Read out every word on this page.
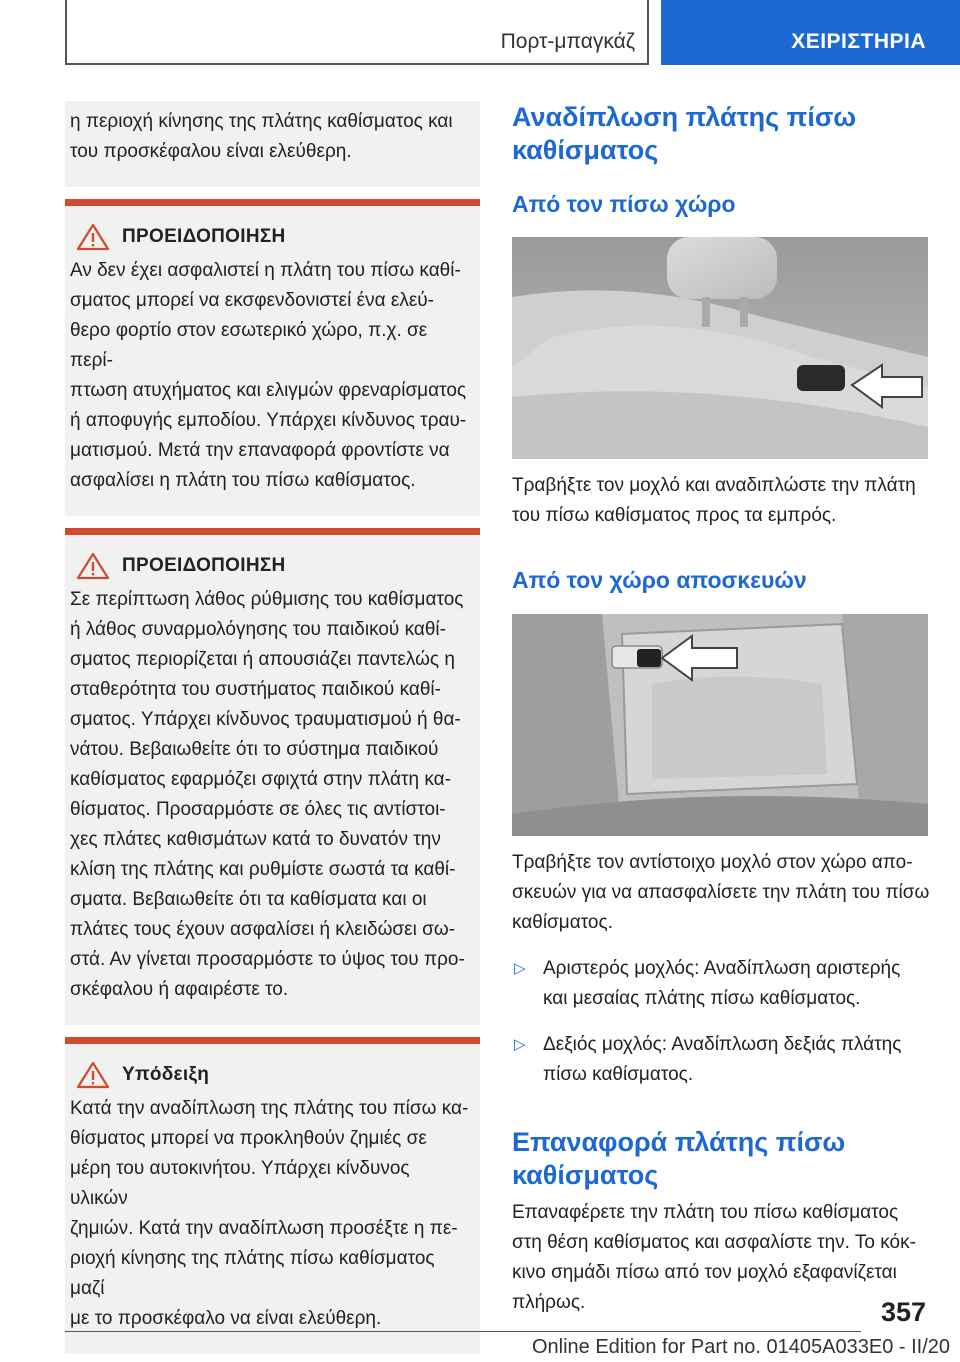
Πορτ-μπαγκάζ	ΧΕΙΡΙΣΤΗΡΙΑ
η περιοχή κίνησης της πλάτης καθίσματος και
του προσκέφαλου είναι ελεύθερη.
ΠΡΟΕΙΔΟΠΟΙΗΣΗ
Αν δεν έχει ασφαλιστεί η πλάτη του πίσω καθί-
σματος μπορεί να εκσφενδονιστεί ένα ελεύ-
θερο φορτίο στον εσωτερικό χώρο, π.χ. σε περί-
πτωση ατυχήματος και ελιγμών φρεναρίσματος
ή αποφυγής εμποδίου. Υπάρχει κίνδυνος τραυ-
ματισμού. Μετά την επαναφορά φροντίστε να
ασφαλίσει η πλάτη του πίσω καθίσματος.
ΠΡΟΕΙΔΟΠΟΙΗΣΗ
Σε περίπτωση λάθος ρύθμισης του καθίσματος
ή λάθος συναρμολόγησης του παιδικού καθί-
σματος περιορίζεται ή απουσιάζει παντελώς η
σταθερότητα του συστήματος παιδικού καθί-
σματος. Υπάρχει κίνδυνος τραυματισμού ή θα-
νάτου. Βεβαιωθείτε ότι το σύστημα παιδικού
καθίσματος εφαρμόζει σφιχτά στην πλάτη κα-
θίσματος. Προσαρμόστε σε όλες τις αντίστοι-
χες πλάτες καθισμάτων κατά το δυνατόν την
κλίση της πλάτης και ρυθμίστε σωστά τα καθί-
σματα. Βεβαιωθείτε ότι τα καθίσματα και οι
πλάτες τους έχουν ασφαλίσει ή κλειδώσει σω-
στά. Αν γίνεται προσαρμόστε το ύψος του προ-
σκέφαλου ή αφαιρέστε το.
Υπόδειξη
Κατά την αναδίπλωση της πλάτης του πίσω κα-
θίσματος μπορεί να προκληθούν ζημιές σε
μέρη του αυτοκινήτου. Υπάρχει κίνδυνος υλικών
ζημιών. Κατά την αναδίπλωση προσέξτε η πε-
ριοχή κίνησης της πλάτης πίσω καθίσματος μαζί
με το προσκέφαλο να είναι ελεύθερη.
Αναδίπλωση πλάτης πίσω
καθίσματος
Από τον πίσω χώρο
Τραβήξτε τον μοχλό και αναδιπλώστε την πλάτη
του πίσω καθίσματος προς τα εμπρός.
Από τον χώρο αποσκευών
Τραβήξτε τον αντίστοιχο μοχλό στον χώρο απο-
σκευών για να απασφαλίσετε την πλάτη του πίσω
καθίσματος.
▷ Αριστερός μοχλός: Αναδίπλωση αριστερής
και μεσαίας πλάτης πίσω καθίσματος.
▷ Δεξιός μοχλός: Αναδίπλωση δεξιάς πλάτης
πίσω καθίσματος.
Επαναφορά πλάτης πίσω
καθίσματος
Επαναφέρετε την πλάτη του πίσω καθίσματος
στη θέση καθίσματος και ασφαλίστε την. Το κόκ-
κινο σημάδι πίσω από τον μοχλό εξαφανίζεται
πλήρως.	357
Online Edition for Part no. 01405A033E0 - II/20
